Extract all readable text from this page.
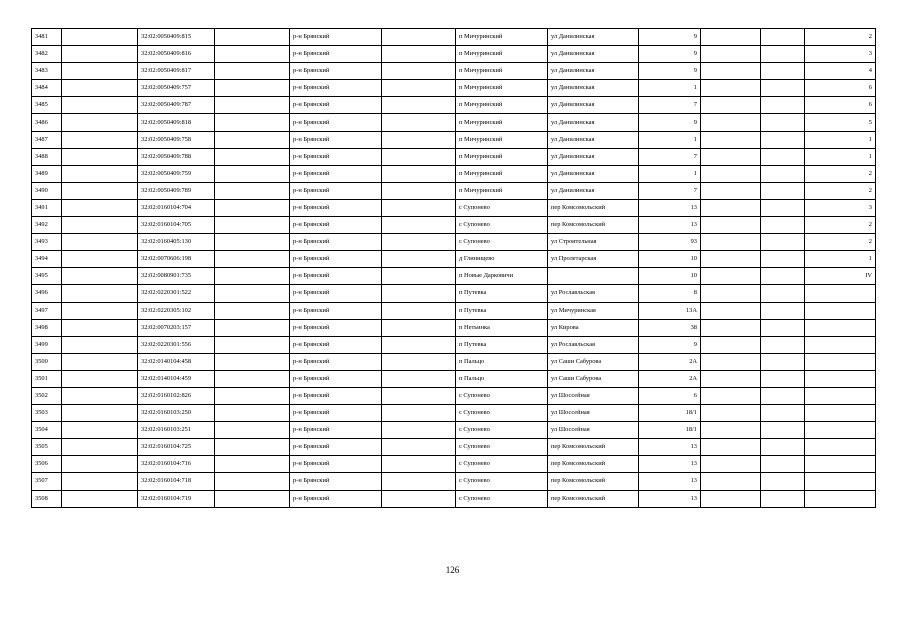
3481		32:02:0050409:815		р-н Брянский		п Мичуринский	ул Данилинская	9			2
3482		32:02:0050409:816		р-н Брянский		п Мичуринский	ул Данилинская	9			3
3483		32:02:0050409:817		р-н Брянский		п Мичуринский	ул Данилинская	9			4
3484		32:02:0050409:757		р-н Брянский		п Мичуринский	ул Данилинская	1			6
3485		32:02:0050409:787		р-н Брянский		п Мичуринский	ул Данилинская	7			6
3486		32:02:0050409:818		р-н Брянский		п Мичуринский	ул Данилинская	9			5
3487		32:02:0050409:758		р-н Брянский		п Мичуринский	ул Данилинская	1			1
3488		32:02:0050409:788		р-н Брянский		п Мичуринский	ул Данилинская	7			1
3489		32:02:0050409:759		р-н Брянский		п Мичуринский	ул Данилинская	1			2
3490		32:02:0050409:789		р-н Брянский		п Мичуринский	ул Данилинская	7			2
3491		32:02:0160104:704		р-н Брянский		с Супонево	пер Комсомольский	13			3
3492		32:02:0160104:705		р-н Брянский		с Супонево	пер Комсомольский	13			2
3493		32:02:0160405:130		р-н Брянский		с Супонево	ул Строительная	93			2
3494		32:02:0070606:198		р-н Брянский		д Глинищево	ул Пролетарская	10			1
3495		32:02:0080901:735		р-н Брянский		п Новые Дарковичи		10			IV
3496		32:02:0220301:522		р-н Брянский		п Путевка	ул Рославльская	8			
3497		32:02:0220305:102		р-н Брянский		п Путевка	ул Мичуринская	13А			
3498		32:02:0070203:157		р-н Брянский		п Нетьинка	ул Кирова	38			
3499		32:02:0220301:556		р-н Брянский		п Путевка	ул Рославльская	9			
3500		32:02:0140104:458		р-н Брянский		п Пальцо	ул Саши Сабурова	2А			
3501		32:02:0140104:459		р-н Брянский		п Пальцо	ул Саши Сабурова	2А			
3502		32:02:0160102:826		р-н Брянский		с Супонево	ул Шоссейная	6			
3503		32:02:0160103:250		р-н Брянский		с Супонево	ул Шоссейная	18/1			
3504		32:02:0160103:251		р-н Брянский		с Супонево	ул Шоссейная	18/1			
3505		32:02:0160104:725		р-н Брянский		с Супонево	пер Комсомольский	13			
3506		32:02:0160104:716		р-н Брянский		с Супонево	пер Комсомольский	13			
3507		32:02:0160104:718		р-н Брянский		с Супонево	пер Комсомольский	13			
3508		32:02:0160104:719		р-н Брянский		с Супонево	пер Комсомольский	13			
126
